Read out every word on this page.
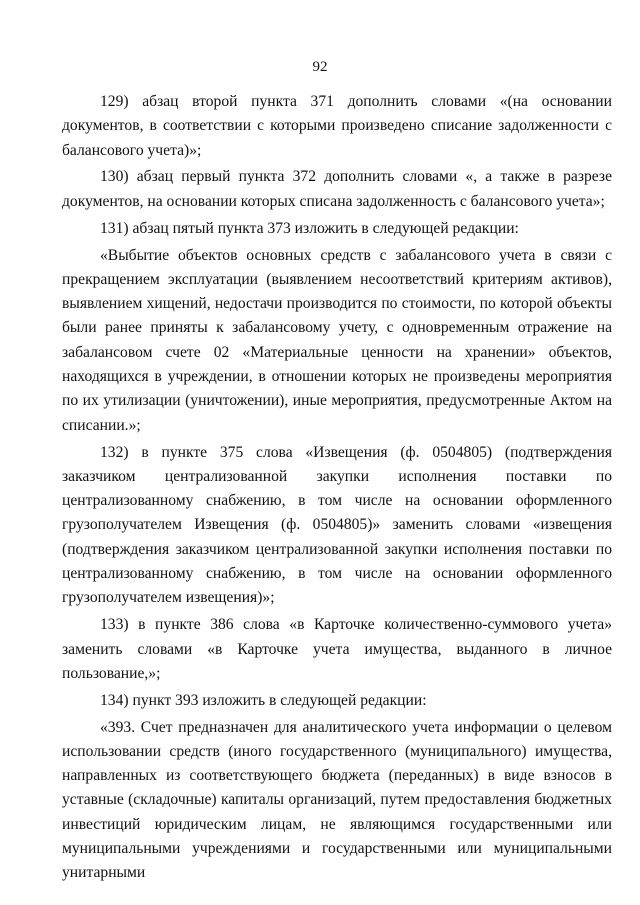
92

129) абзац второй пункта 371 дополнить словами «(на основании документов, в соответствии с которыми произведено списание задолженности с балансового учета)»;

130) абзац первый пункта 372 дополнить словами «, а также в разрезе документов, на основании которых списана задолженность с балансового учета»;

131) абзац пятый пункта 373 изложить в следующей редакции:

«Выбытие объектов основных средств с забалансового учета в связи с прекращением эксплуатации (выявлением несоответствий критериям активов), выявлением хищений, недостачи производится по стоимости, по которой объекты были ранее приняты к забалансовому учету, с одновременным отражение на забалансовом счете 02 «Материальные ценности на хранении» объектов, находящихся в учреждении, в отношении которых не произведены мероприятия по их утилизации (уничтожении), иные мероприятия, предусмотренные Актом на списании.»;

132) в пункте 375 слова «Извещения (ф. 0504805) (подтверждения заказчиком централизованной закупки исполнения поставки по централизованному снабжению, в том числе на основании оформленного грузополучателем Извещения (ф. 0504805)» заменить словами «извещения (подтверждения заказчиком централизованной закупки исполнения поставки по централизованному снабжению, в том числе на основании оформленного грузополучателем извещения)»;

133) в пункте 386 слова «в Карточке количественно-суммового учета» заменить словами «в Карточке учета имущества, выданного в личное пользование,»;

134) пункт 393 изложить в следующей редакции:

«393. Счет предназначен для аналитического учета информации о целевом использовании средств (иного государственного (муниципального) имущества, направленных из соответствующего бюджета (переданных) в виде взносов в уставные (складочные) капиталы организаций, путем предоставления бюджетных инвестиций юридическим лицам, не являющимся государственными или муниципальными учреждениями и государственными или муниципальными унитарными
